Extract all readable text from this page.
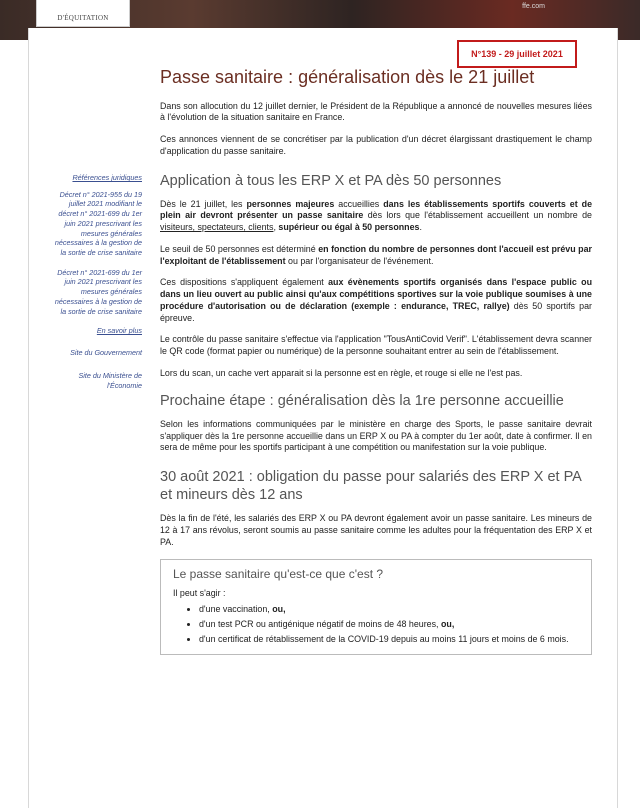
ffe.com
D'ÉQUITATION
N°139 - 29 juillet 2021
Références juridiques
Décret n° 2021-955 du 19 juillet 2021 modifiant le décret n° 2021-699 du 1er juin 2021 prescrivant les mesures générales nécessaires à la gestion de la sortie de crise sanitaire
Décret n° 2021-699 du 1er juin 2021 prescrivant les mesures générales nécessaires à la gestion de la sortie de crise sanitaire
En savoir plus
Site du Gouvernement
Site du Ministère de l'Économie
Passe sanitaire : généralisation dès le 21 juillet

Dans son allocution du 12 juillet dernier, le Président de la République a annoncé de nouvelles mesures liées à l'évolution de la situation sanitaire en France.

Ces annonces viennent de se concrétiser par la publication d'un décret élargissant drastiquement le champ d'application du passe sanitaire.

Application à tous les ERP X et PA dès 50 personnes

Dès le 21 juillet, les personnes majeures accueillies dans les établissements sportifs couverts et de plein air devront présenter un passe sanitaire dès lors que l'établissement accueillent un nombre de visiteurs, spectateurs, clients, supérieur ou égal à 50 personnes.

Le seuil de 50 personnes est déterminé en fonction du nombre de personnes dont l'accueil est prévu par l'exploitant de l'établissement ou par l'organisateur de l'événement.

Ces dispositions s'appliquent également aux évènements sportifs organisés dans l'espace public ou dans un lieu ouvert au public ainsi qu'aux compétitions sportives sur la voie publique soumises à une procédure d'autorisation ou de déclaration (exemple : endurance, TREC, rallye) dès 50 sportifs par épreuve.

Le contrôle du passe sanitaire s'effectue via l'application "TousAntiCovid Verif". L'établissement devra scanner le QR code (format papier ou numérique) de la personne souhaitant entrer au sein de l'établissement.

Lors du scan, un cache vert apparait si la personne est en règle, et rouge si elle ne l'est pas.

Prochaine étape : généralisation dès la 1re personne accueillie

Selon les informations communiquées par le ministère en charge des Sports, le passe sanitaire devrait s'appliquer dès la 1re personne accueillie dans un ERP X ou PA à compter du 1er août, date à confirmer. Il en sera de même pour les sportifs participant à une compétition ou manifestation sur la voie publique.

30 août 2021 : obligation du passe pour salariés des ERP X et PA et mineurs dès 12 ans

Dès la fin de l'été, les salariés des ERP X ou PA devront également avoir un passe sanitaire. Les mineurs de 12 à 17 ans révolus, seront soumis au passe sanitaire comme les adultes pour la fréquentation des ERP X et PA.

Le passe sanitaire qu'est-ce que c'est ?

Il peut s'agir :

• d'une vaccination, ou,
• d'un test PCR ou antigénique négatif de moins de 48 heures, ou,
• d'un certificat de rétablissement de la COVID-19 depuis au moins 11 jours et moins de 6 mois.
